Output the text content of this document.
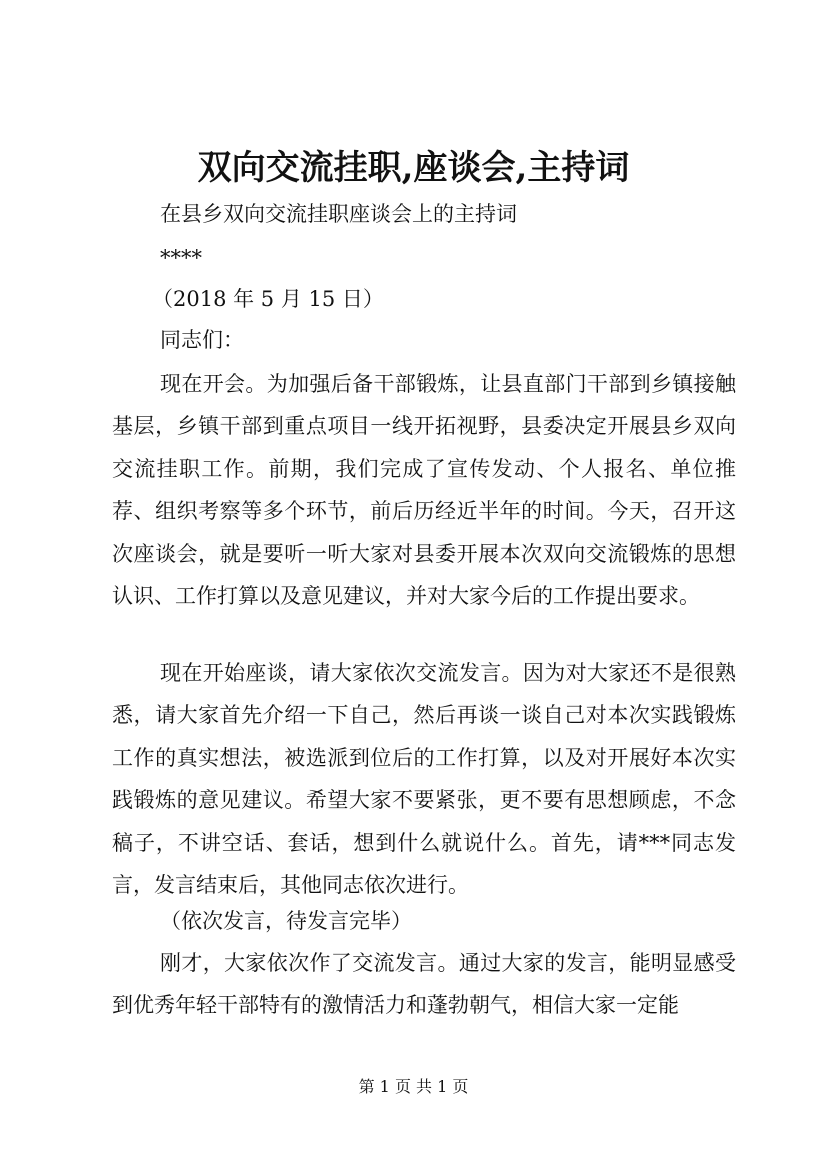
双向交流挂职,座谈会,主持词
在县乡双向交流挂职座谈会上的主持词
****
（2018 年 5 月 15 日）
同志们：
现在开会。为加强后备干部锻炼，让县直部门干部到乡镇接触基层，乡镇干部到重点项目一线开拓视野，县委决定开展县乡双向交流挂职工作。前期，我们完成了宣传发动、个人报名、单位推荐、组织考察等多个环节，前后历经近半年的时间。今天，召开这次座谈会，就是要听一听大家对县委开展本次双向交流锻炼的思想认识、工作打算以及意见建议，并对大家今后的工作提出要求。
现在开始座谈，请大家依次交流发言。因为对大家还不是很熟悉，请大家首先介绍一下自己，然后再谈一谈自己对本次实践锻炼工作的真实想法，被选派到位后的工作打算，以及对开展好本次实践锻炼的意见建议。希望大家不要紧张，更不要有思想顾虑，不念稿子，不讲空话、套话，想到什么就说什么。首先，请***同志发言，发言结束后，其他同志依次进行。
（依次发言，待发言完毕）
刚才，大家依次作了交流发言。通过大家的发言，能明显感受到优秀年轻干部特有的激情活力和蓬勃朝气，相信大家一定能
第 1 页 共 1 页
